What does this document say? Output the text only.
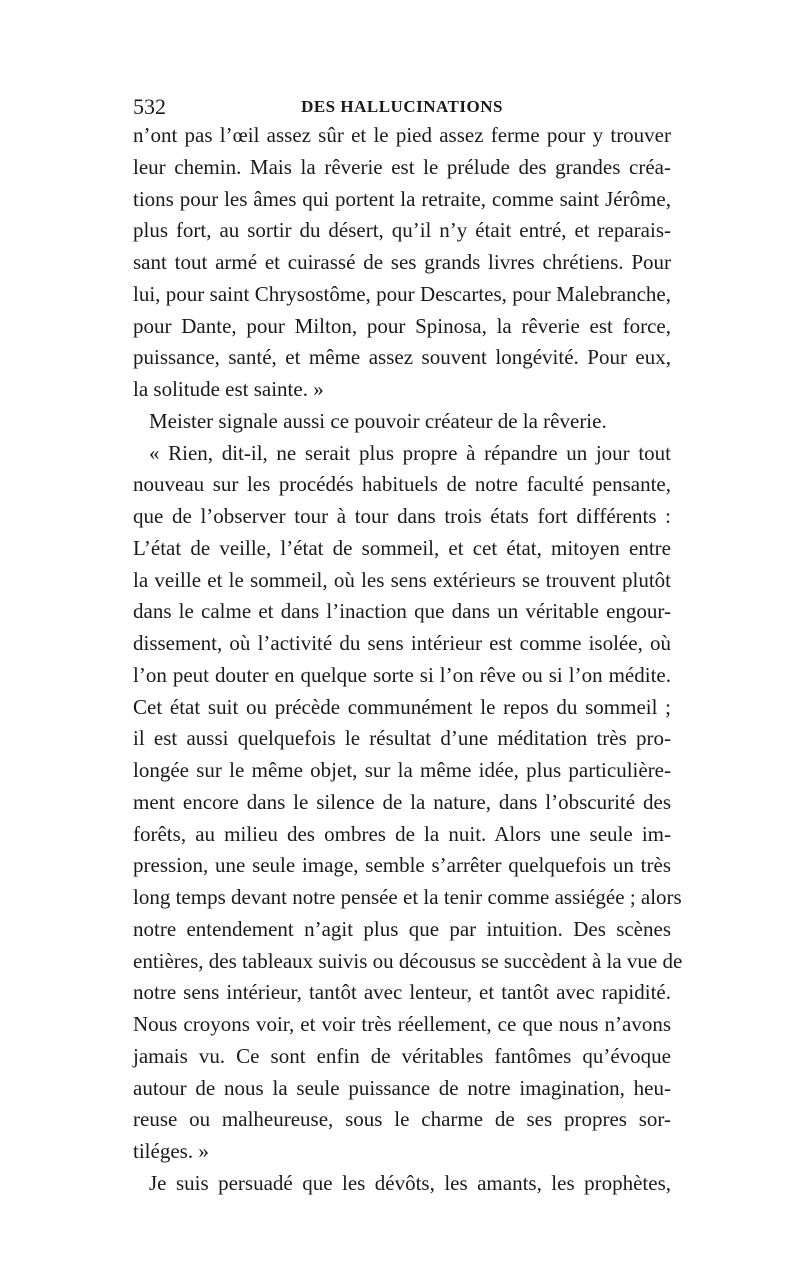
532	DES HALLUCINATIONS
n’ont pas l’œil assez sûr et le pied assez ferme pour y trouver
leur chemin. Mais la rêverie est le prélude des grandes créa-
tions pour les âmes qui portent la retraite, comme saint Jérôme,
plus fort, au sortir du désert, qu’il n’y était entré, et reparais-
sant tout armé et cuirassé de ses grands livres chrétiens. Pour
lui, pour saint Chrysostôme, pour Descartes, pour Malebranche,
pour Dante, pour Milton, pour Spinosa, la rêverie est force,
puissance, santé, et même assez souvent longévité. Pour eux,
la solitude est sainte. »
Meister signale aussi ce pouvoir créateur de la rêverie.
« Rien, dit-il, ne serait plus propre à répandre un jour tout
nouveau sur les procédés habituels de notre faculté pensante,
que de l’observer tour à tour dans trois états fort différents :
L’état de veille, l’état de sommeil, et cet état, mitoyen entre
la veille et le sommeil, où les sens extérieurs se trouvent plutôt
dans le calme et dans l’inaction que dans un véritable engour-
dissement, où l’activité du sens intérieur est comme isolée, où
l’on peut douter en quelque sorte si l’on rêve ou si l’on médite.
Cet état suit ou précède communément le repos du sommeil ;
il est aussi quelquefois le résultat d’une méditation très pro-
longée sur le même objet, sur la même idée, plus particulière-
ment encore dans le silence de la nature, dans l’obscurité des
forêts, au milieu des ombres de la nuit. Alors une seule im-
pression, une seule image, semble s’arrêter quelquefois un très
long temps devant notre pensée et la tenir comme assiégée ; alors
notre entendement n’agit plus que par intuition. Des scènes
entières, des tableaux suivis ou décousus se succèdent à la vue de
notre sens intérieur, tantôt avec lenteur, et tantôt avec rapidité.
Nous croyons voir, et voir très réellement, ce que nous n’avons
jamais vu. Ce sont enfin de véritables fantômes qu’évoque
autour de nous la seule puissance de notre imagination, heu-
reuse ou malheureuse, sous le charme de ses propres sor-
tiléges. »
Je suis persuadé que les dévôts, les amants, les prophètes,
